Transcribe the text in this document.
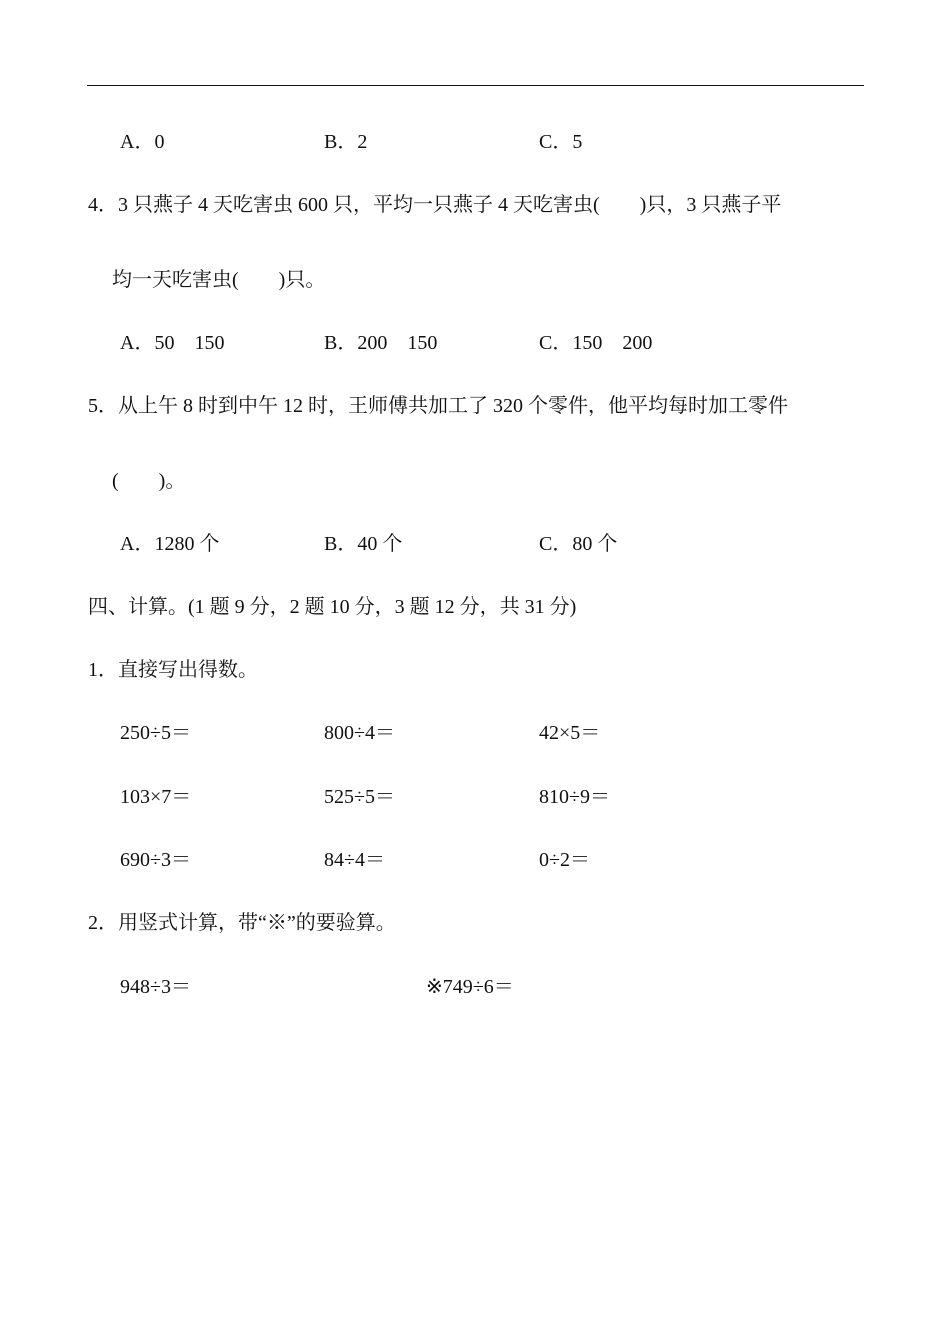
A．0	B．2	C．5
4．3 只燕子 4 天吃害虫 600 只，平均一只燕子 4 天吃害虫(　　)只，3 只燕子平
均一天吃害虫(　　)只。
A．50　150	B．200　150	C．150　200
5．从上午 8 时到中午 12 时，王师傅共加工了 320 个零件，他平均每时加工零件
(　　)。
A．1280 个	B．40 个	C．80 个
四、计算。(1 题 9 分，2 题 10 分，3 题 12 分，共 31 分)
1．直接写出得数。
250÷5＝	800÷4＝	42×5＝
103×7＝	525÷5＝	810÷9＝
690÷3＝	84÷4＝	0÷2＝
2．用竖式计算，带“※”的要验算。
948÷3＝	※749÷6＝
